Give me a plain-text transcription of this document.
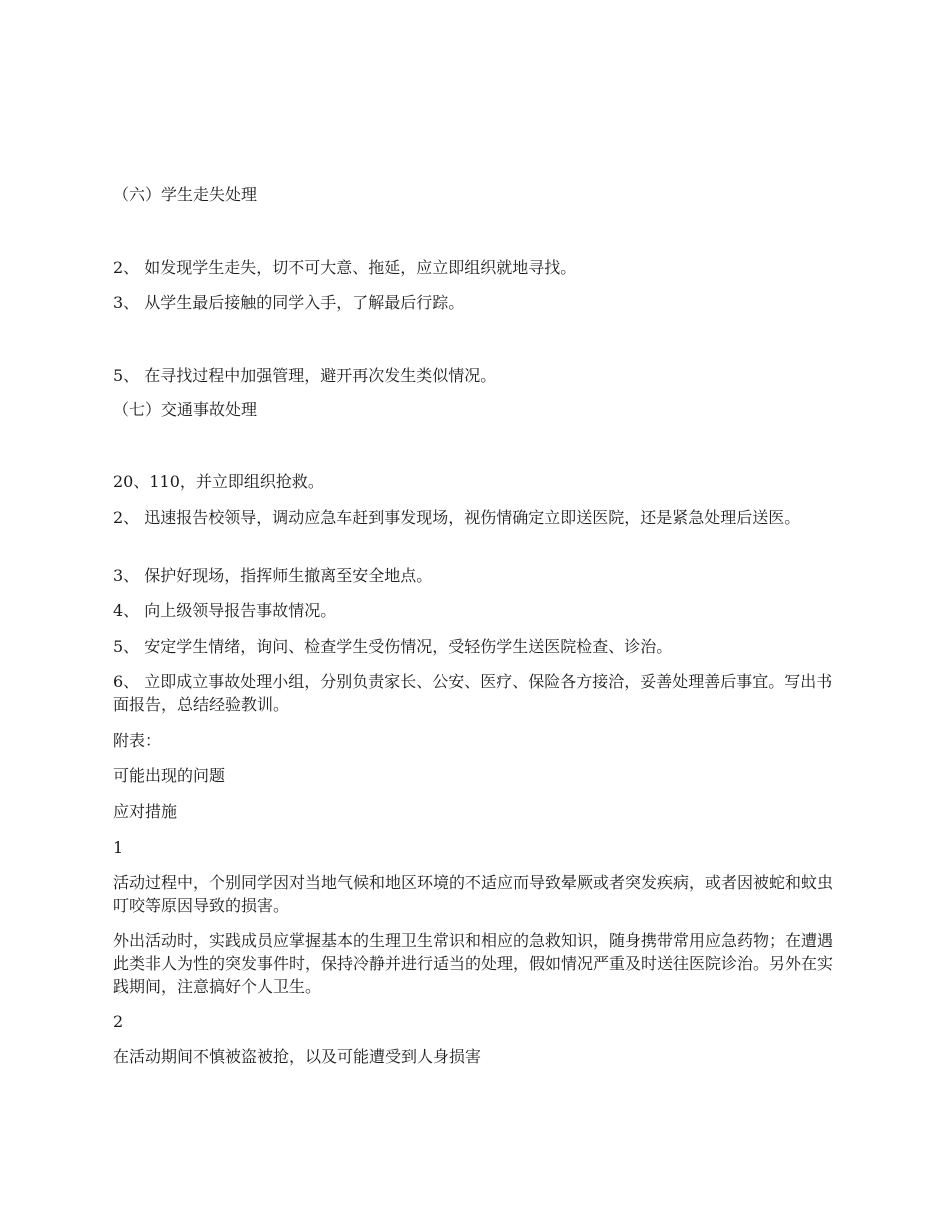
（六）学生走失处理

2、 如发现学生走失，切不可大意、拖延，应立即组织就地寻找。

3、 从学生最后接触的同学入手，了解最后行踪。

5、 在寻找过程中加强管理，避开再次发生类似情况。

（七）交通事故处理

20、110，并立即组织抢救。

2、 迅速报告校领导，调动应急车赶到事发现场，视伤情确定立即送医院，还是紧急处理后送医。

3、 保护好现场，指挥师生撤离至安全地点。

4、 向上级领导报告事故情况。

5、 安定学生情绪，询问、检查学生受伤情况，受轻伤学生送医院检查、诊治。

6、 立即成立事故处理小组，分别负责家长、公安、医疗、保险各方接洽，妥善处理善后事宜。写出书面报告，总结经验教训。

附表：

可能出现的问题

应对措施

1

活动过程中，个别同学因对当地气候和地区环境的不适应而导致晕厥或者突发疾病，或者因被蛇和蚊虫叮咬等原因导致的损害。

外出活动时，实践成员应掌握基本的生理卫生常识和相应的急救知识，随身携带常用应急药物；在遭遇此类非人为性的突发事件时，保持冷静并进行适当的处理，假如情况严重及时送往医院诊治。另外在实践期间，注意搞好个人卫生。

2

在活动期间不慎被盗被抢，以及可能遭受到人身损害
